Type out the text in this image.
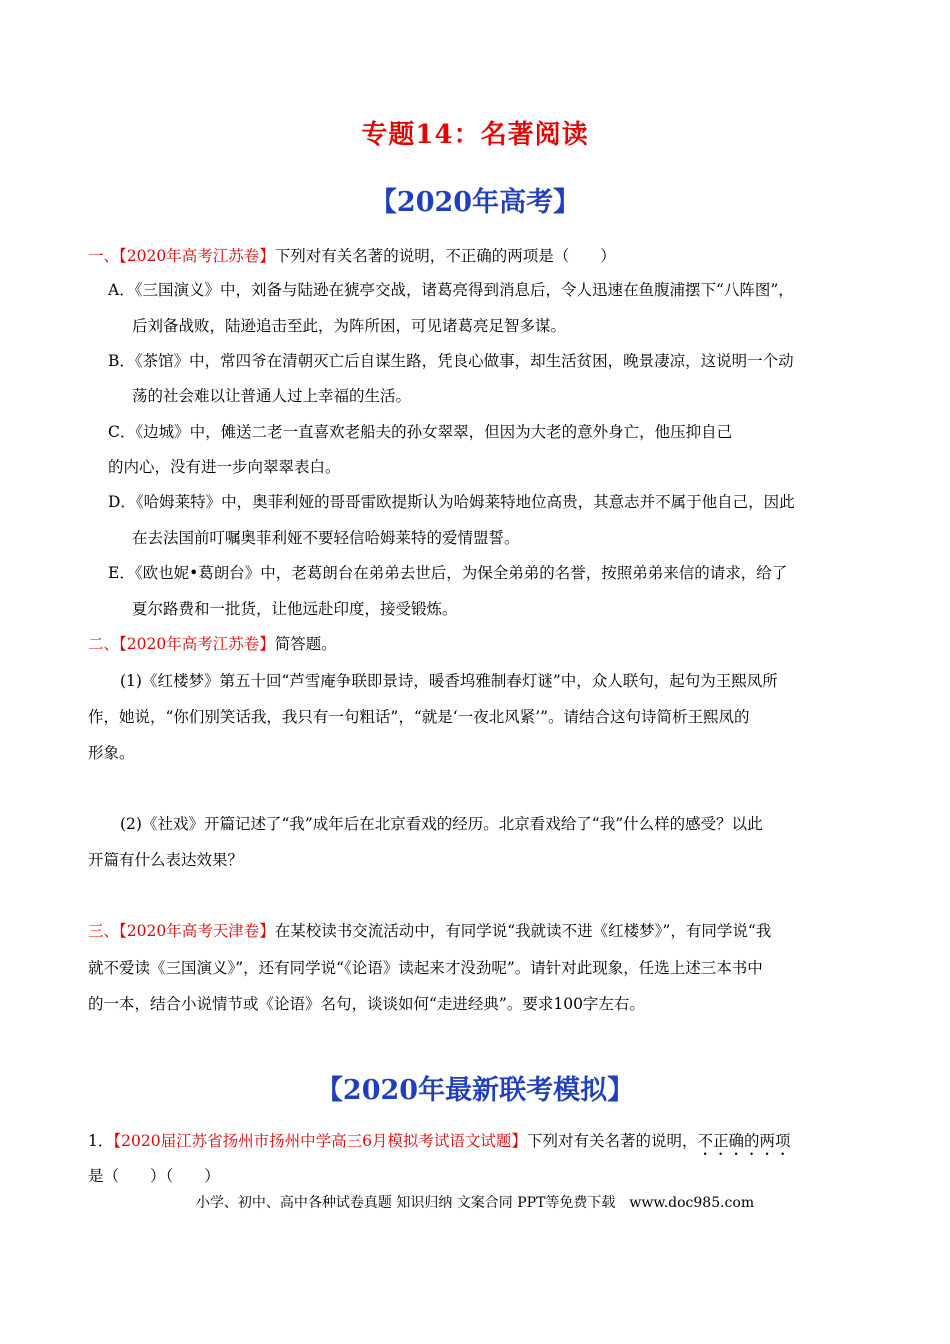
专题14：名著阅读
【2020年高考】
一、【2020年高考江苏卷】下列对有关名著的说明，不正确的两项是（　　）
A．《三国演义》中，刘备与陆逊在猇亭交战，诸葛亮得到消息后，令人迅速在鱼腹浦摆下“八阵图”，
后刘备战败，陆逊追击至此，为阵所困，可见诸葛亮足智多谋。
B．《茶馆》中，常四爷在清朝灭亡后自谋生路，凭良心做事，却生活贫困，晚景凄凉，这说明一个动
荡的社会难以让普通人过上幸福的生活。
C．《边城》中，傩送二老一直喜欢老船夫的孙女翠翠，但因为大老的意外身亡，他压抑自己
的内心，没有进一步向翠翠表白。
D．《哈姆莱特》中，奥菲利娅的哥哥雷欧提斯认为哈姆莱特地位高贵，其意志并不属于他自己，因此
在去法国前叮嘱奥菲利娅不要轻信哈姆莱特的爱情盟誓。
E．《欧也妮•葛朗台》中，老葛朗台在弟弟去世后，为保全弟弟的名誉，按照弟弟来信的请求，给了
夏尔路费和一批货，让他远赴印度，接受锻炼。
二、【2020年高考江苏卷】简答题。
(1)《红楼梦》第五十回“芦雪庵争联即景诗，暖香坞雅制春灯谜”中，众人联句，起句为王熙凤所
作，她说，“你们别笑话我，我只有一句粗话”，“就是‘一夜北风紧’”。请结合这句诗简析王熙凤的
形象。
(2)《社戏》开篇记述了“我”成年后在北京看戏的经历。北京看戏给了“我”什么样的感受？以此
开篇有什么表达效果？
三、【2020年高考天津卷】在某校读书交流活动中，有同学说“我就读不进《红楼梦》”，有同学说“我
就不爱读《三国演义》”，还有同学说“《论语》读起来才没劲呢”。请针对此现象，任选上述三本书中
的一本，结合小说情节或《论语》名句，谈谈如何“走进经典”。要求100字左右。
【2020年最新联考模拟】
1．【2020届江苏省扬州市扬州中学高三6月模拟考试语文试题】下列对有关名著的说明，不正确的两项
是（　　）（　　）
小学、初中、高中各种试卷真题 知识归纳 文案合同 PPT等免费下载　www.doc985.com
